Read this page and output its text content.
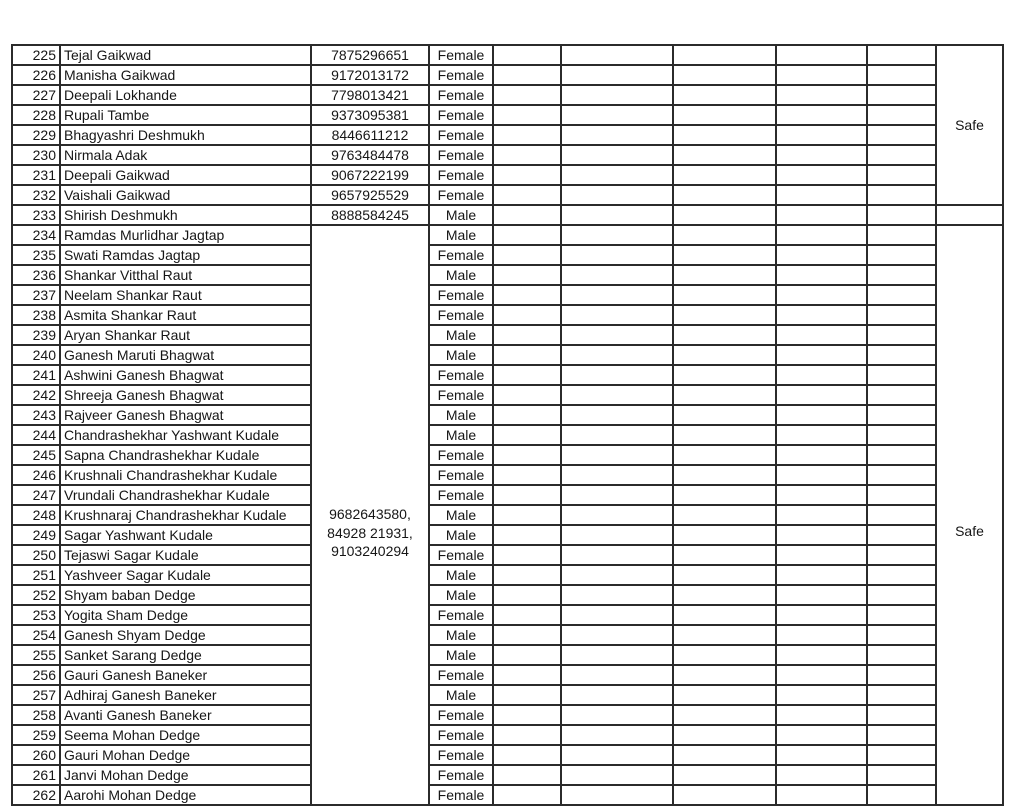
225	Tejal Gaikwad	7875296651	Female						Safe
226	Manisha Gaikwad	9172013172	Female						
227	Deepali Lokhande	7798013421	Female						
228	Rupali Tambe	9373095381	Female						
229	Bhagyashri Deshmukh	8446611212	Female						
230	Nirmala Adak	9763484478	Female						
231	Deepali Gaikwad	9067222199	Female						
232	Vaishali Gaikwad	9657925529	Female						
233	Shirish Deshmukh	8888584245	Male						
234	Ramdas Murlidhar Jagtap	9682643580,
84928 21931,
9103240294	Male						Safe
235	Swati Ramdas Jagtap		Female						
236	Shankar Vitthal Raut		Male						
237	Neelam Shankar Raut		Female						
238	Asmita Shankar Raut		Female						
239	Aryan Shankar Raut		Male						
240	Ganesh Maruti Bhagwat		Male						
241	Ashwini Ganesh Bhagwat		Female						
242	Shreeja Ganesh Bhagwat		Female						
243	Rajveer Ganesh Bhagwat		Male						
244	Chandrashekhar Yashwant Kudale		Male						
245	Sapna Chandrashekhar Kudale		Female						
246	Krushnali Chandrashekhar Kudale		Female						
247	Vrundali Chandrashekhar Kudale		Female						
248	Krushnaraj Chandrashekhar Kudale		Male						
249	Sagar Yashwant Kudale		Male						
250	Tejaswi Sagar Kudale		Female						
251	Yashveer Sagar Kudale		Male						
252	Shyam baban Dedge		Male						
253	Yogita Sham Dedge		Female						
254	Ganesh Shyam Dedge		Male						
255	Sanket Sarang Dedge		Male						
256	Gauri Ganesh Baneker		Female						
257	Adhiraj Ganesh Baneker		Male						
258	Avanti Ganesh Baneker		Female						
259	Seema Mohan Dedge		Female						
260	Gauri Mohan Dedge		Female						
261	Janvi Mohan Dedge		Female						
262	Aarohi Mohan Dedge		Female						
